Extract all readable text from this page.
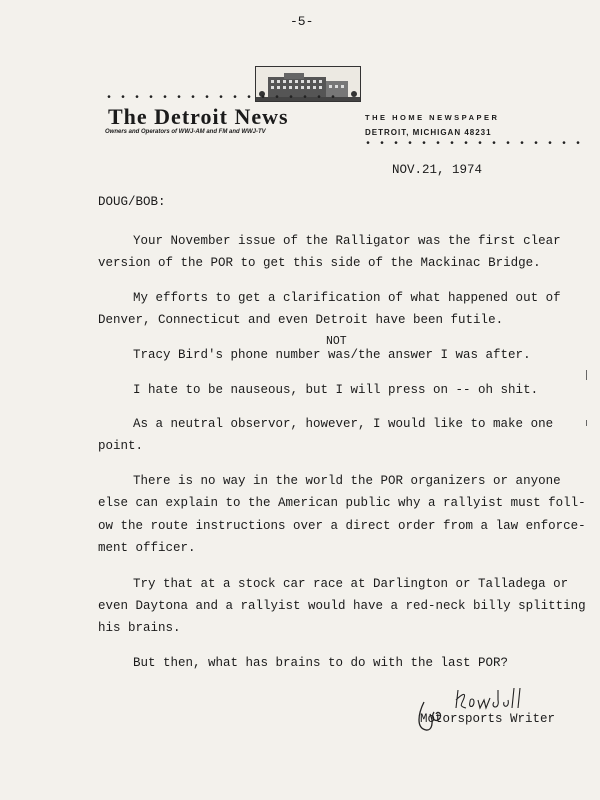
-5-
• • • • • • • • • • • • • • • • •
The Detroit News
Owners and Operators of WWJ-AM and FM and WWJ-TV
THE HOME NEWSPAPER
DETROIT, MICHIGAN 48231
• • • • • • • • • • • • • • • •
NOV.21, 1974
DOUG/BOB:
Your November issue of the Ralligator was the first clear
version of the POR to get this side of the Mackinac Bridge.
My efforts to get a clarification of what happened out of
Denver, Connecticut and even Detroit have been futile.
NOT
Tracy Bird's phone number was/the answer I was after.
I hate to be nauseous, but I will press on -- oh shit.
As a neutral observor, however, I would like to make one
point.
There is no way in the world the POR organizers or anyone
else can explain to the American public why a rallyist must foll-
ow the route instructions over a direct order from a law enforce-
ment officer.
Try that at a stock car race at Darlington or Talladega or
even Daytona and a rallyist would have a red-neck billy splitting
his brains.
But then, what has brains to do with the last POR?
Motorsports Writer
